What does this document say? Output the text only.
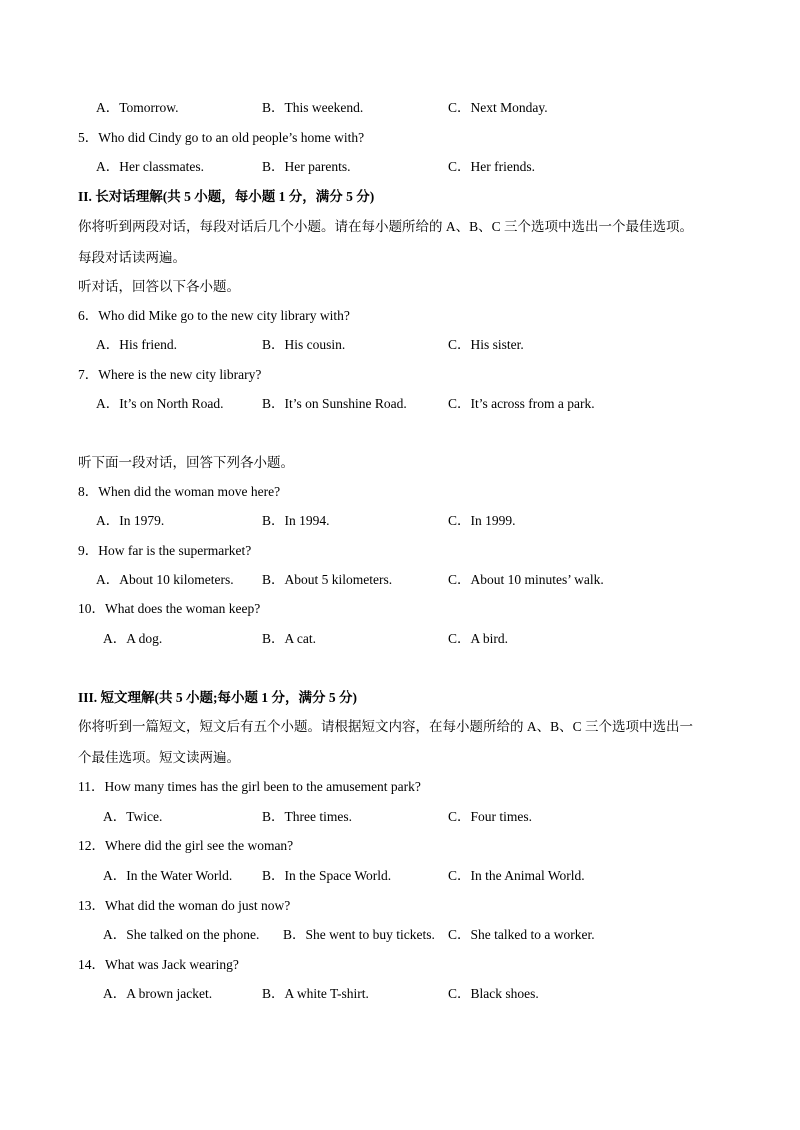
A．Tomorrow.	B．This weekend.	C．Next Monday.
5．Who did Cindy go to an old people’s home with?
A．Her classmates.	B．Her parents.	C．Her friends.
II. 长对话理解(共 5 小题，每小题 1 分，满分 5 分)
你将听到两段对话，每段对话后几个小题。请在每小题所给的 A、B、C 三个选项中选出一个最佳选项。
每段对话读两遍。
听对话，回答以下各小题。
6．Who did Mike go to the new city library with?
A．His friend.	B．His cousin.	C．His sister.
7．Where is the new city library?
A．It’s on North Road.	B．It’s on Sunshine Road.	C．It’s across from a park.
听下面一段对话，回答下列各小题。
8．When did the woman move here?
A．In 1979.	B．In 1994.	C．In 1999.
9．How far is the supermarket?
A．About 10 kilometers. B．About 5 kilometers.	C．About 10 minutes’ walk.
10．What does the woman keep?
A．A dog.	B．A cat.	C．A bird.
III. 短文理解(共 5 小题;每小题 1 分，满分 5 分)
你将听到一篇短文，短文后有五个小题。请根据短文内容，在每小题所给的 A、B、C 三个选项中选出一
个最佳选项。短文读两遍。
11．How many times has the girl been to the amusement park?
A．Twice.	B．Three times.	C．Four times.
12．Where did the girl see the woman?
A．In the Water World. B．In the Space World.	C．In the Animal World.
13．What did the woman do just now?
A．She talked on the phone. B．She went to buy tickets. C．She talked to a worker.
14．What was Jack wearing?
A．A brown jacket.	B．A white T-shirt.	C．Black shoes.
